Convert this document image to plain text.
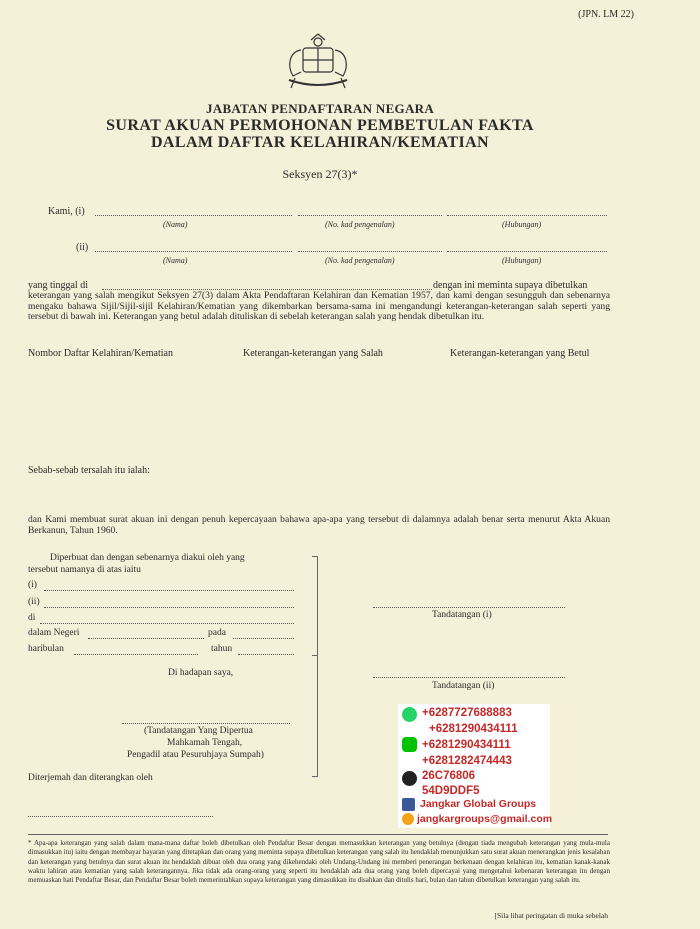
(JPN. LM 22)
JABATAN PENDAFTARAN NEGARA
SURAT AKUAN PERMOHONAN PEMBETULAN FAKTA
DALAM DAFTAR KELAHIRAN/KEMATIAN
Seksyen 27(3)*
Kami, (i)
(Nama)	(No. kad pengenalan)	(Hubungan)
(ii)
(Nama)	(No. kad pengenalan)	(Hubungan)
yang tinggal di	dengan ini meminta supaya dibetulkan
keterangan yang salah mengikut Seksyen 27(3) dalam Akta Pendaftaran Kelahiran dan Kematian 1957, dan kami dengan sesungguh dan sebenarnya mengaku bahawa Sijil/Sijil-sijil Kelahiran/Kematian yang dikembarkan bersama-sama ini mengandungi keterangan-keterangan salah seperti yang tersebut di bawah ini. Keterangan yang betul adalah dituliskan di sebelah keterangan salah yang hendak dibetulkan itu.
Nombor Daftar Kelahiran/Kematian	Keterangan-keterangan yang Salah	Keterangan-keterangan yang Betul
Sebab-sebab tersalah itu ialah:
dan Kami membuat surat akuan ini dengan penuh kepercayaan bahawa apa-apa yang tersebut di dalamnya adalah benar serta menurut Akta Akuan Berkanun, Tahun 1960.
Diperbuat dan dengan sebenarnya diakui oleh yang
tersebut namanya di atas iaitu
(i)
(ii)
di
dalam Negeri	pada
haribulan	tahun
Di hadapan saya,
(Tandatangan Yang Dipertua
Mahkamah Tengah,
Pengadil atau Pesuruhjaya Sumpah)
Diterjemah dan diterangkan oleh
Tandatangan (i)
Tandatangan (ii)
+6287727688883
+6281290434111
+6281290434111
+6281282474443
26C76806
54D9DDF5
Jangkar Global Groups
jangkargroups@gmail.com
* Apa-apa keterangan yang salah dalam mana-mana daftar boleh dibetulkan oleh Pendaftar Besar dengan memasukkan keterangan yang betulnya (dengan tiada mengubah keterangan yang mula-mula dimasukkan itu) iaitu dengan membayar bayaran yang ditetapkan dan orang yang meminta supaya dibetulkan keterangan yang salah itu hendaklah menunjukkan satu surat akuan menerangkan jenis kesalahan dan keterangan yang betulnya dan surat akuan itu hendaklah dibuat oleh dua orang yang dikehendaki oleh Undang-Undang ini memberi penerangan berkenaan dengan kelahiran itu, kematian kanak-kanak waktu lahiran atau kematian yang salah keterangannya. Jika tidak ada orang-orang yang seperti itu hendaklah ada dua orang yang boleh dipercayai yang mengetahui kebenaran keterangan itu dengan memuaskan hati Pendaftar Besar, dan Pendaftar Besar boleh memerintahkan supaya keterangan yang dimasukkan itu disahkan dan ditulis hari, bulan dan tahun dibetulkan keterangan yang salah itu.
[Sila lihat peringatan di muka sebelah
